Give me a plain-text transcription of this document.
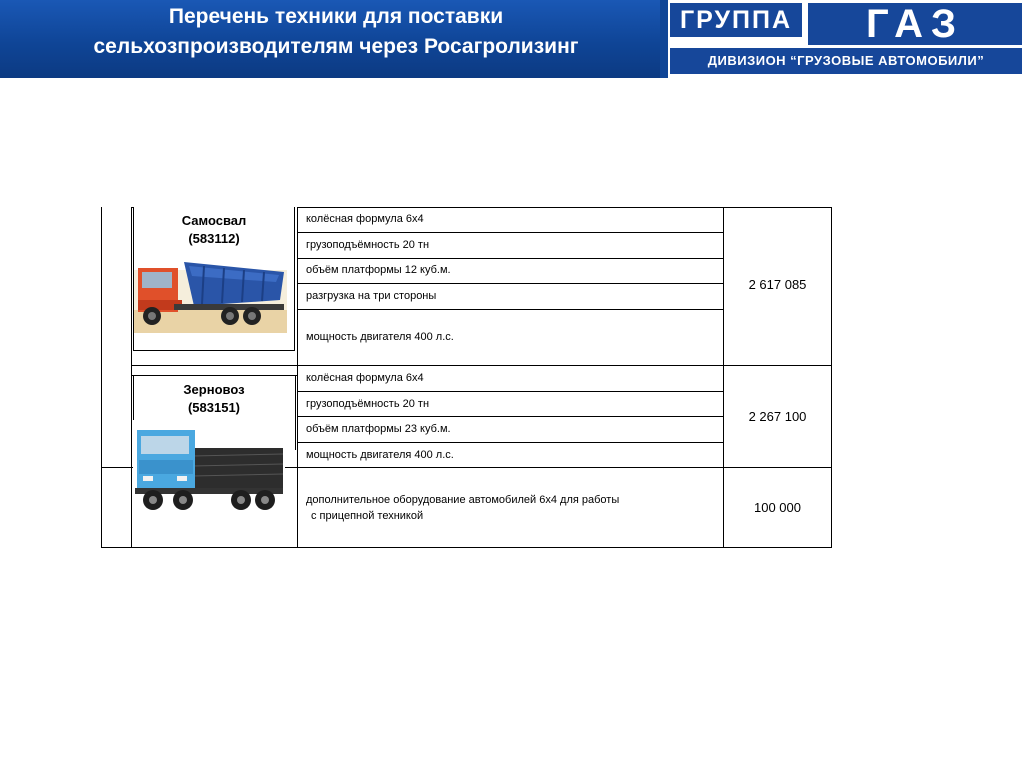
Перечень техники для поставки
сельхозпроизводителям через Росагролизинг
ГРУППА	ГАЗ
ДИВИЗИОН “ГРУЗОВЫЕ АВТОМОБИЛИ”
Самосвал
(583112)
колёсная формула 6х4
грузоподъёмность 20 тн
объём платформы 12 куб.м.
разгрузка на три стороны
мощность двигателя 400 л.с.
2 617 085
Зерновоз
(583151)
колёсная формула 6х4
грузоподъёмность 20 тн
объём платформы 23 куб.м.
мощность двигателя 400 л.с.
2 267 100
дополнительное оборудование автомобилей 6х4 для работы
с прицепной техникой
100 000
